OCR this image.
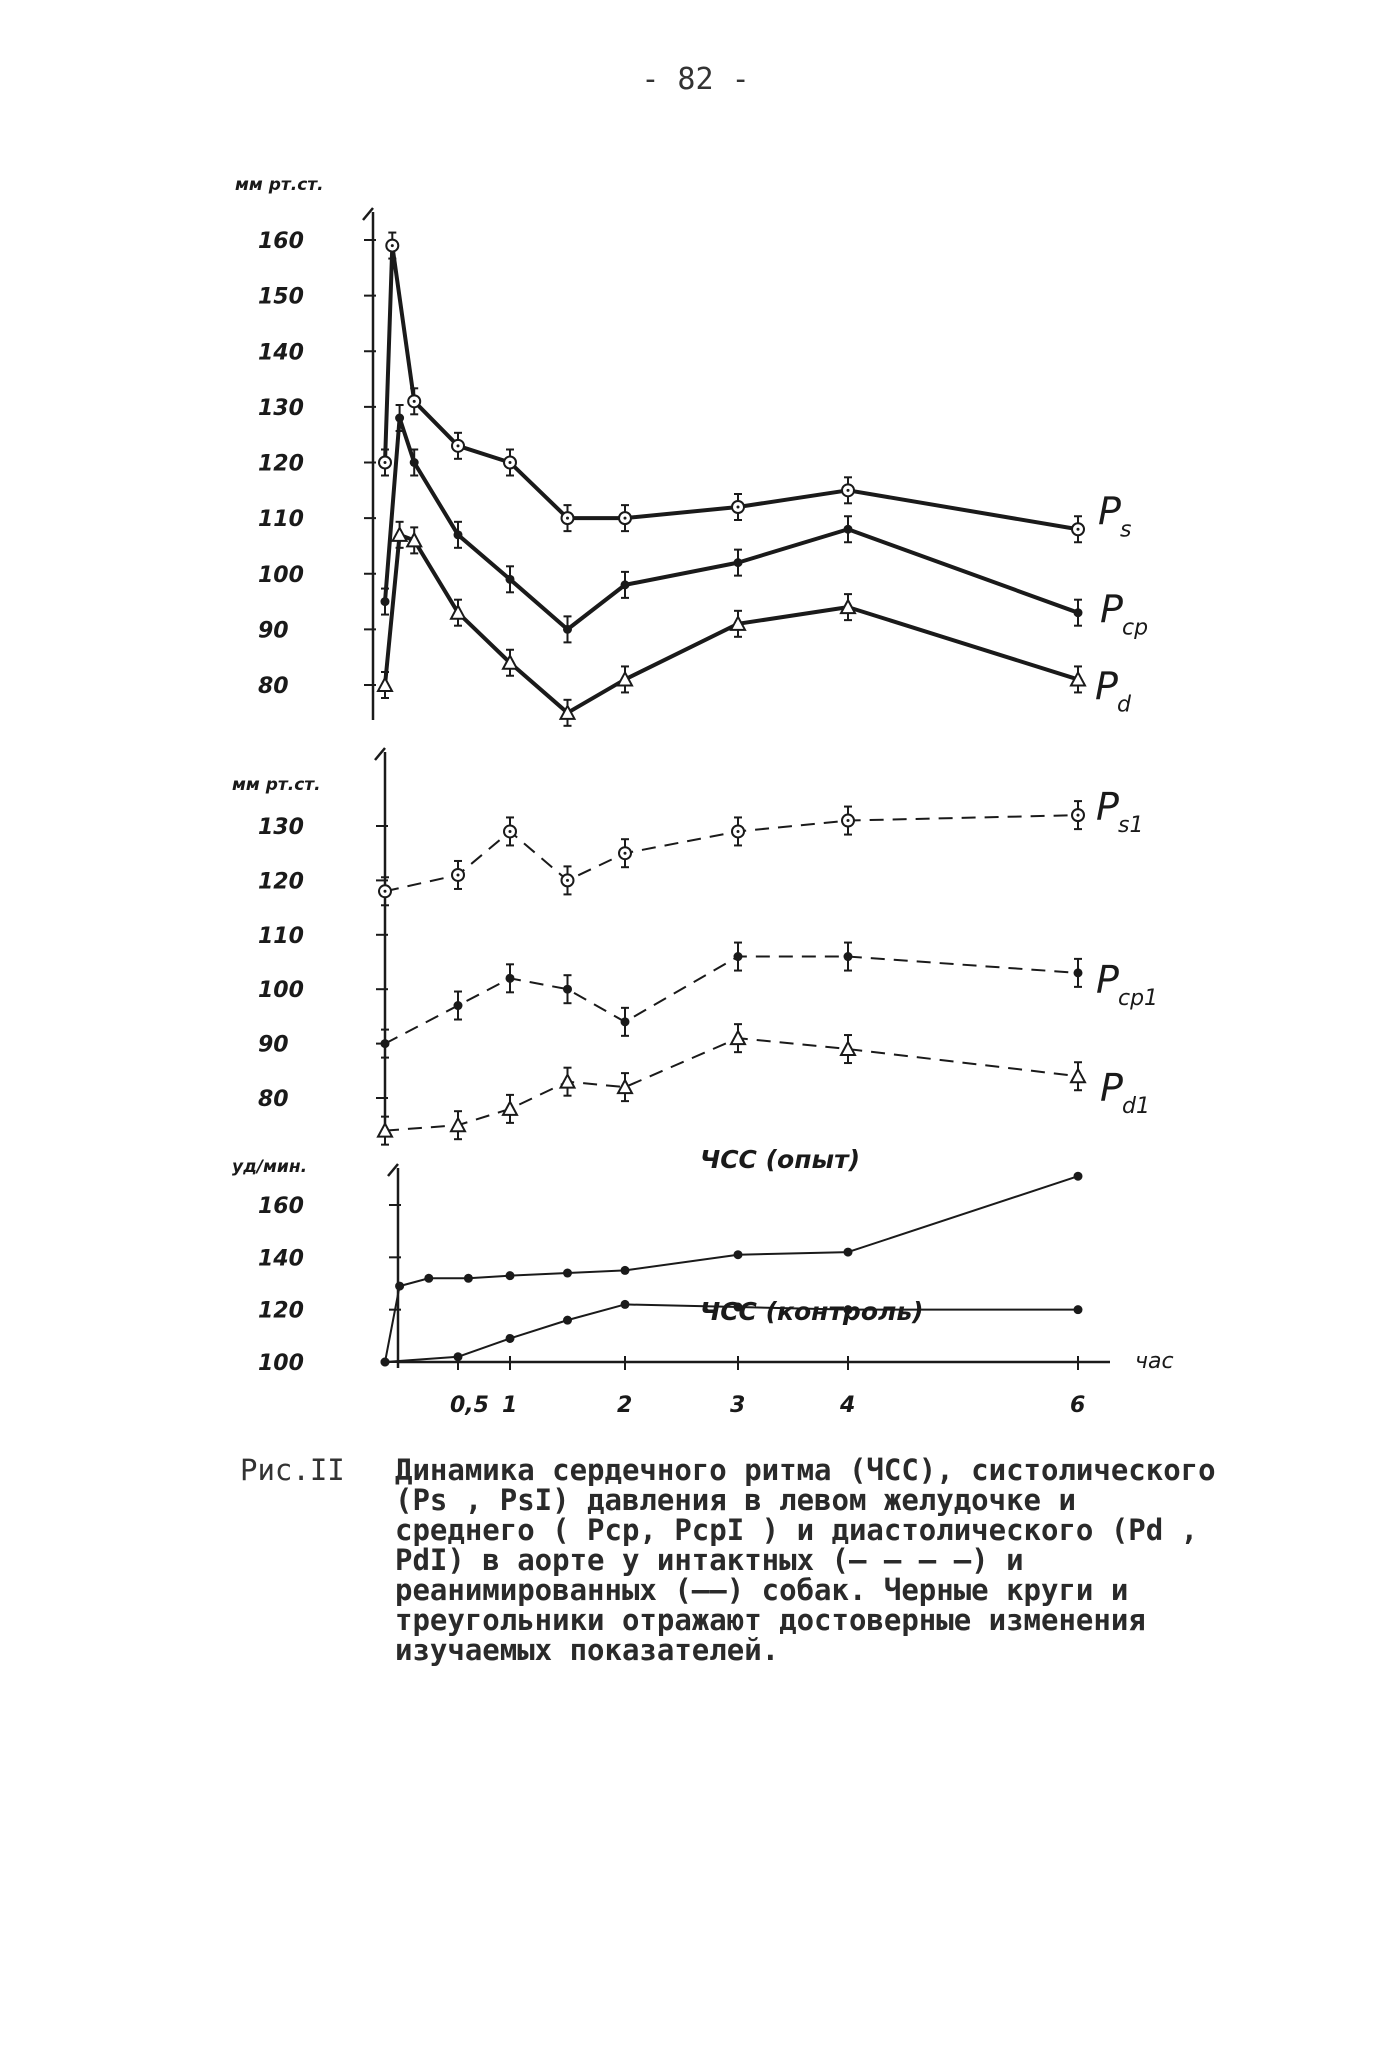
- 82 -
мм рт.ст.
160
150
140
130
120
110
100
90
80
P s
P cp
P d
мм рт.ст.
130
120
110
100
90
80
P s1
P cp1
P d1
уд/мин.
160
140
120
100
0,5 1	2	3	4	6
час
ЧСС (опыт)
ЧСС (контроль)
Рис.II	Динамика сердечного ритма (ЧСС), систолического (Ps , PsI) давления в левом желудочке и среднего ( Pcp, PcpI ) и диастолического (Pd , PdI) в аорте у интактных (– – – –) и реанимированных (——) собак. Черные круги и треугольники отражают достоверные изменения изучаемых показателей.
